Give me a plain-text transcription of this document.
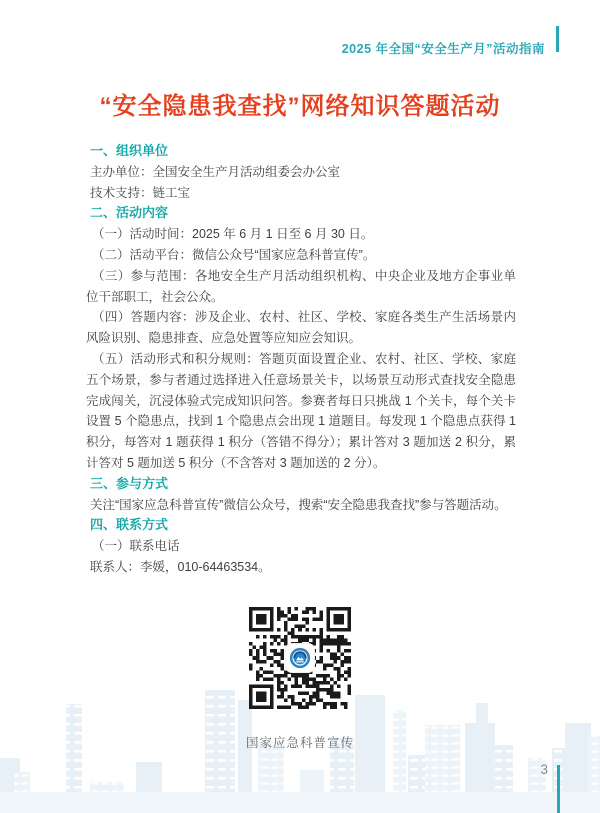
2025 年全国“安全生产月”活动指南
“安全隐患我查找”网络知识答题活动
一、组织单位

主办单位：全国安全生产月活动组委会办公室

技术支持：链工宝

二、活动内容

（一）活动时间：2025 年 6 月 1 日至 6 月 30 日。

（二）活动平台：微信公众号“国家应急科普宣传”。

（三）参与范围：各地安全生产月活动组织机构、中央企业及地方企事业单位干部职工，社会公众。

（四）答题内容：涉及企业、农村、社区、学校、家庭各类生产生活场景内风险识别、隐患排查、应急处置等应知应会知识。

（五）活动形式和积分规则：答题页面设置企业、农村、社区、学校、家庭五个场景，参与者通过选择进入任意场景关卡，以场景互动形式查找安全隐患完成闯关，沉浸体验式完成知识问答。参赛者每日只挑战 1 个关卡，每个关卡设置 5 个隐患点，找到 1 个隐患点会出现 1 道题目。每发现 1 个隐患点获得 1 积分，每答对 1 题获得 1 积分（答错不得分）；累计答对 3 题加送 2 积分，累计答对 5 题加送 5 积分（不含答对 3 题加送的 2 分）。

三、参与方式

关注“国家应急科普宣传”微信公众号，搜索“安全隐患我查找”参与答题活动。

四、联系方式

（一）联系电话

联系人：李媛，010-64463534。

国家应急科普宣传
3
